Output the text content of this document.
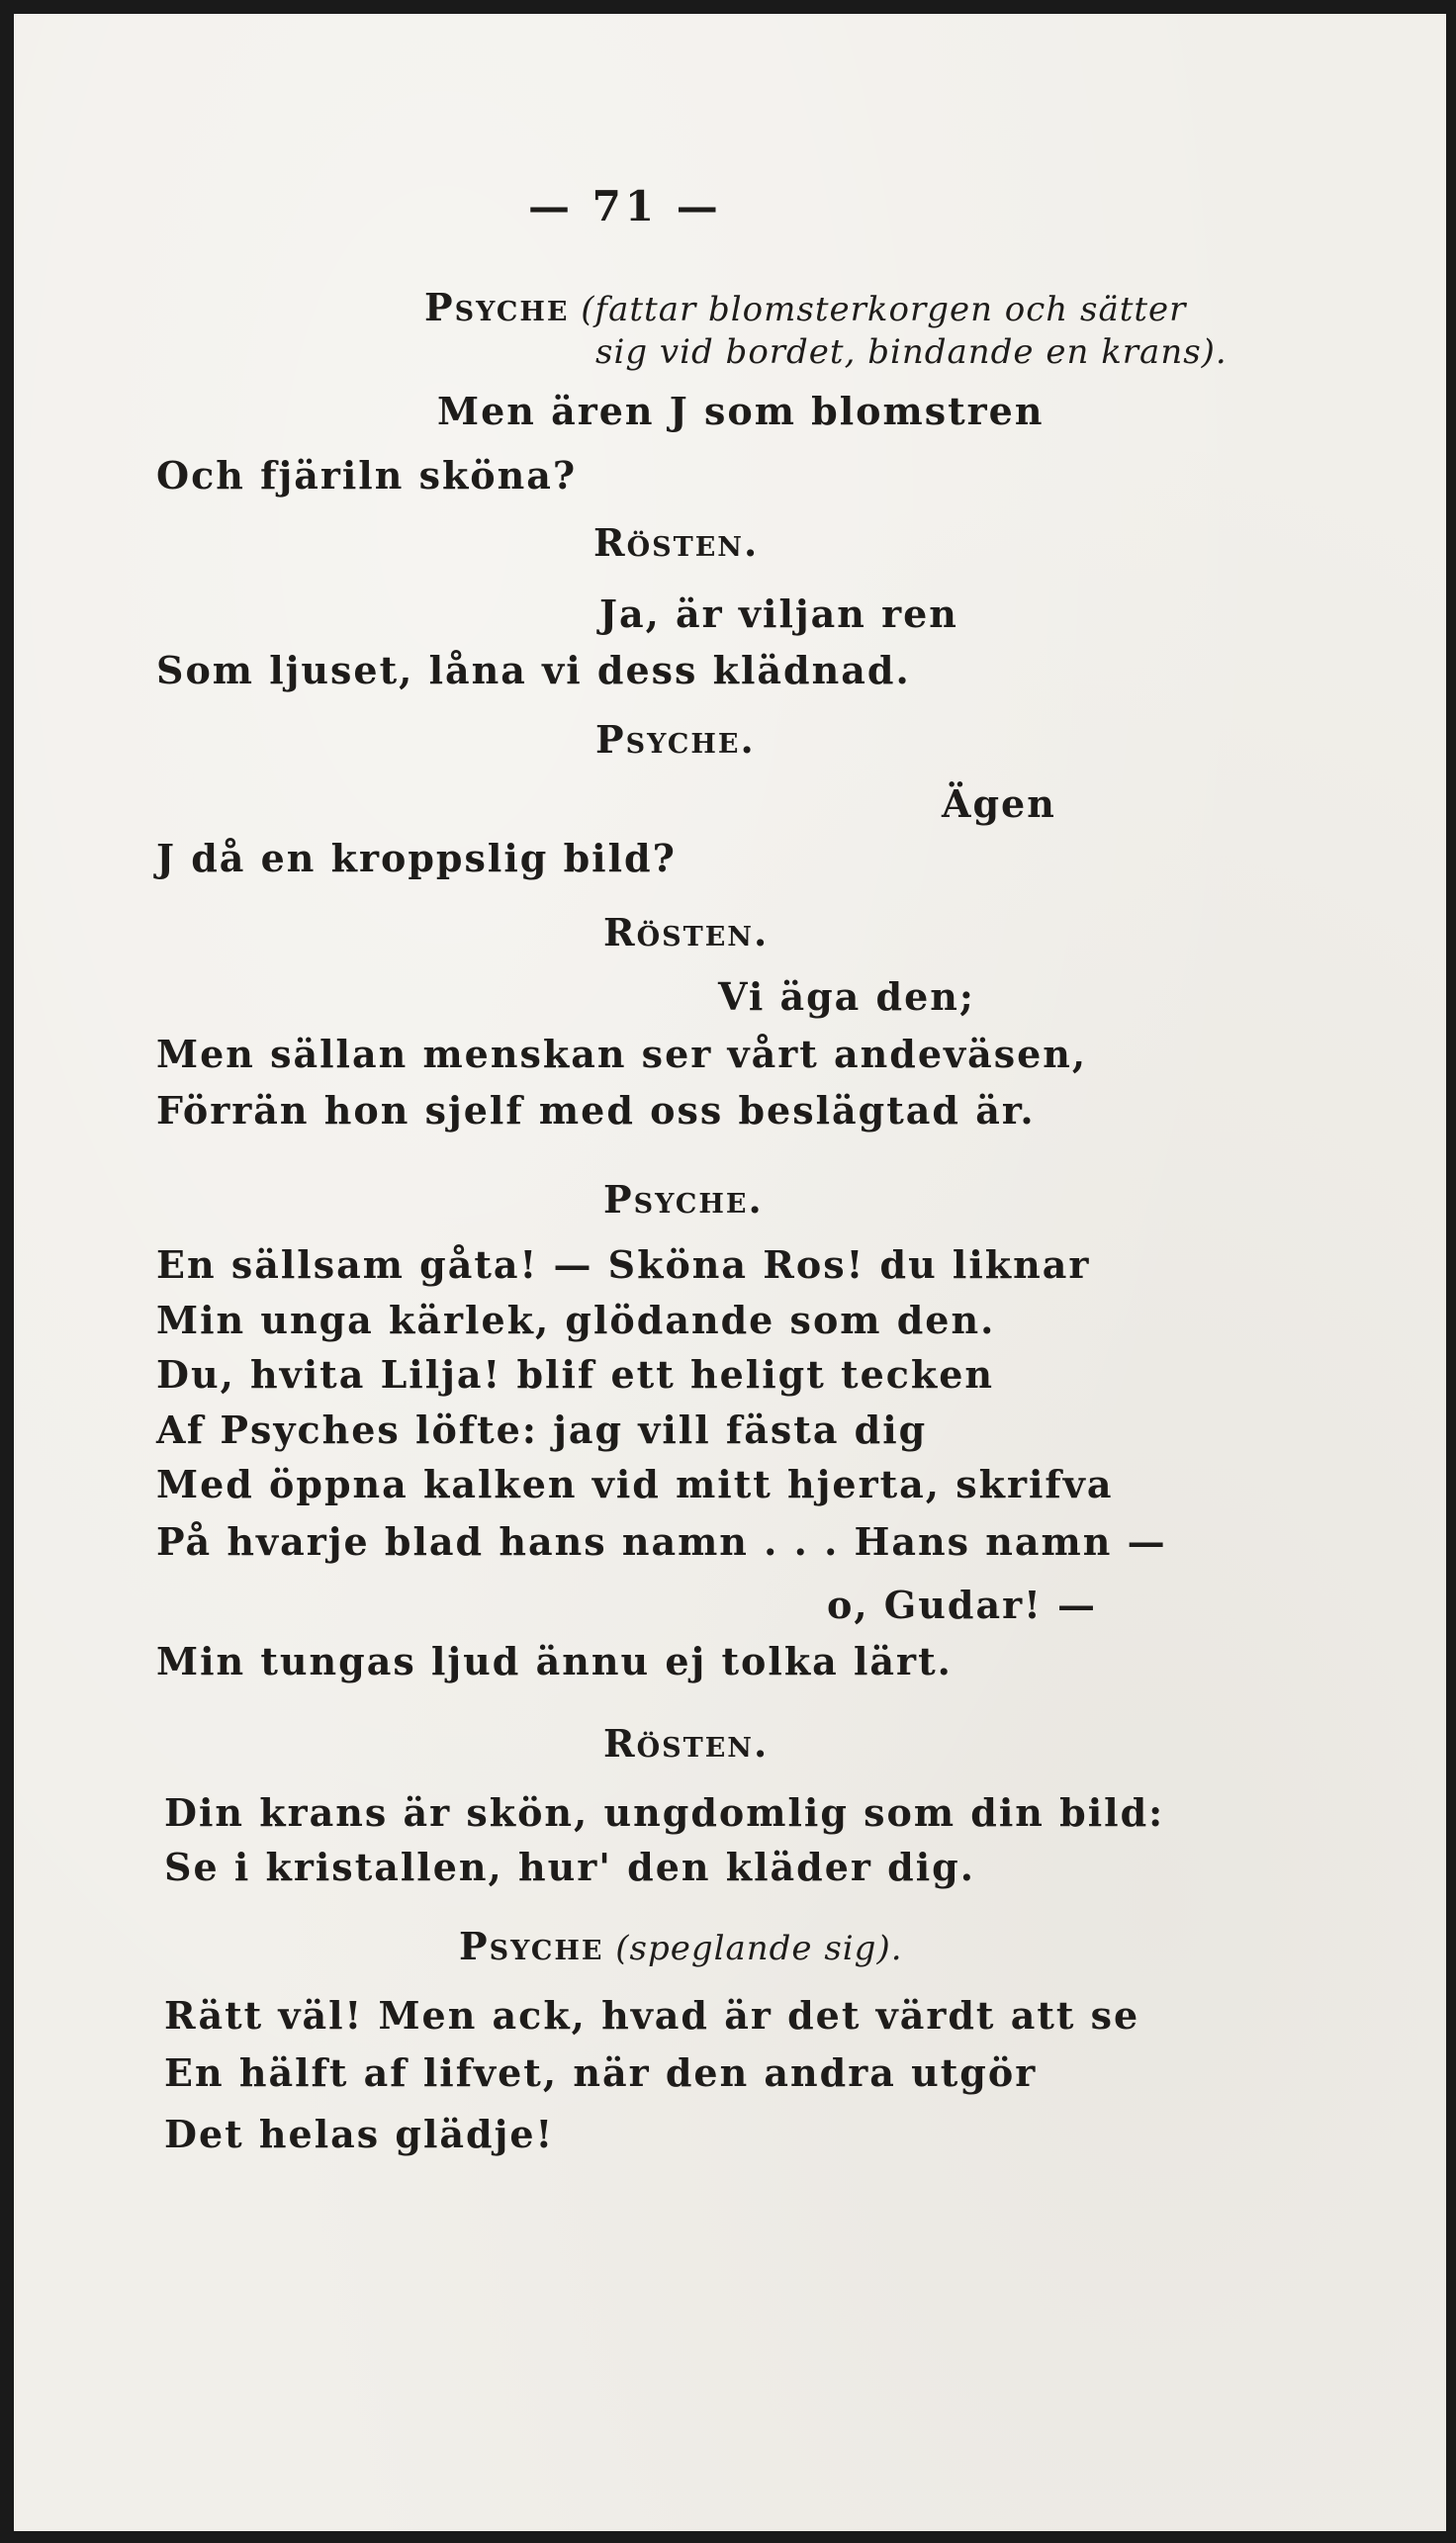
— 71 —
Psyche (fattar blomsterkorgen och sätter
sig vid bordet, bindande en krans).
Men ären J som blomstren
Och fjäriln sköna?
Rösten.
Ja, är viljan ren
Som ljuset, låna vi dess klädnad.
Psyche.
Ägen
J då en kroppslig bild?
Rösten.
Vi äga den;
Men sällan menskan ser vårt andeväsen,
Förrän hon sjelf med oss beslägtad är.
Psyche.
En sällsam gåta! — Sköna Ros! du liknar
Min unga kärlek, glödande som den.
Du, hvita Lilja! blif ett heligt tecken
Af Psyches löfte: jag vill fästa dig
Med öppna kalken vid mitt hjerta, skrifva
På hvarje blad hans namn . . . Hans namn —
o, Gudar! —
Min tungas ljud ännu ej tolka lärt.
Rösten.
Din krans är skön, ungdomlig som din bild:
Se i kristallen, hur' den kläder dig.
Psyche (speglande sig).
Rätt väl! Men ack, hvad är det värdt att se
En hälft af lifvet, när den andra utgör
Det helas glädje!
